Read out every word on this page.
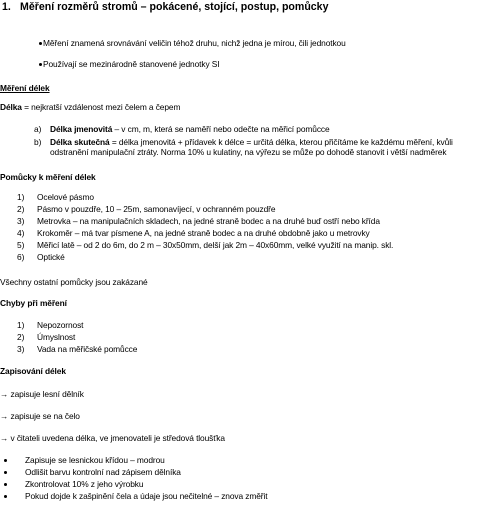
1. Měření rozměrů stromů – pokácené, stojící, postup, pomůcky
Měření znamená srovnávání veličin téhož druhu, nichž jedna je mírou, čili jednotkou
Používají se mezinárodně stanovené jednotky SI
Měření délek
Délka = nejkratší vzdálenost mezi čelem a čepem
a) Délka jmenovitá – v cm, m, která se naměří nebo odečte na měřicí pomůcce
b) Délka skutečná = délka jmenovitá + přídavek k délce = určitá délka, kterou přičítáme ke každému měření, kvůli
odstranění manipulační ztráty. Norma 10% u kulatiny, na výřezu se může po dohodě stanovit i větší nadměrek
Pomůcky k měření délek
1) Ocelové pásmo
2) Pásmo v pouzdře, 10 – 25m, samonavíjecí, v ochranném pouzdře
3) Metrovka – na manipulačních skladech, na jedné straně bodec a na druhé buď ostří nebo křída
4) Krokoměr – má tvar písmene A, na jedné straně bodec a na druhé obdobně jako u metrovky
5) Měřicí latě – od 2 do 6m, do 2 m – 30x50mm, delší jak 2m – 40x60mm, velké využití na manip. skl.
6) Optické
Všechny ostatní pomůcky jsou zakázané
Chyby při měření
1) Nepozornost
2) Úmyslnost
3) Vada na měřičské pomůcce
Zapisování délek
→ zapisuje lesní dělník
→ zapisuje se na čelo
→ v čitateli uvedena délka, ve jmenovateli je středová tloušťka
Zapisuje se lesnickou křídou – modrou
Odlišit barvu kontrolní nad zápisem dělníka
Zkontrolovat 10% z jeho výrobku
Pokud dojde k zašpinění čela a údaje jsou nečitelné – znova změřit
